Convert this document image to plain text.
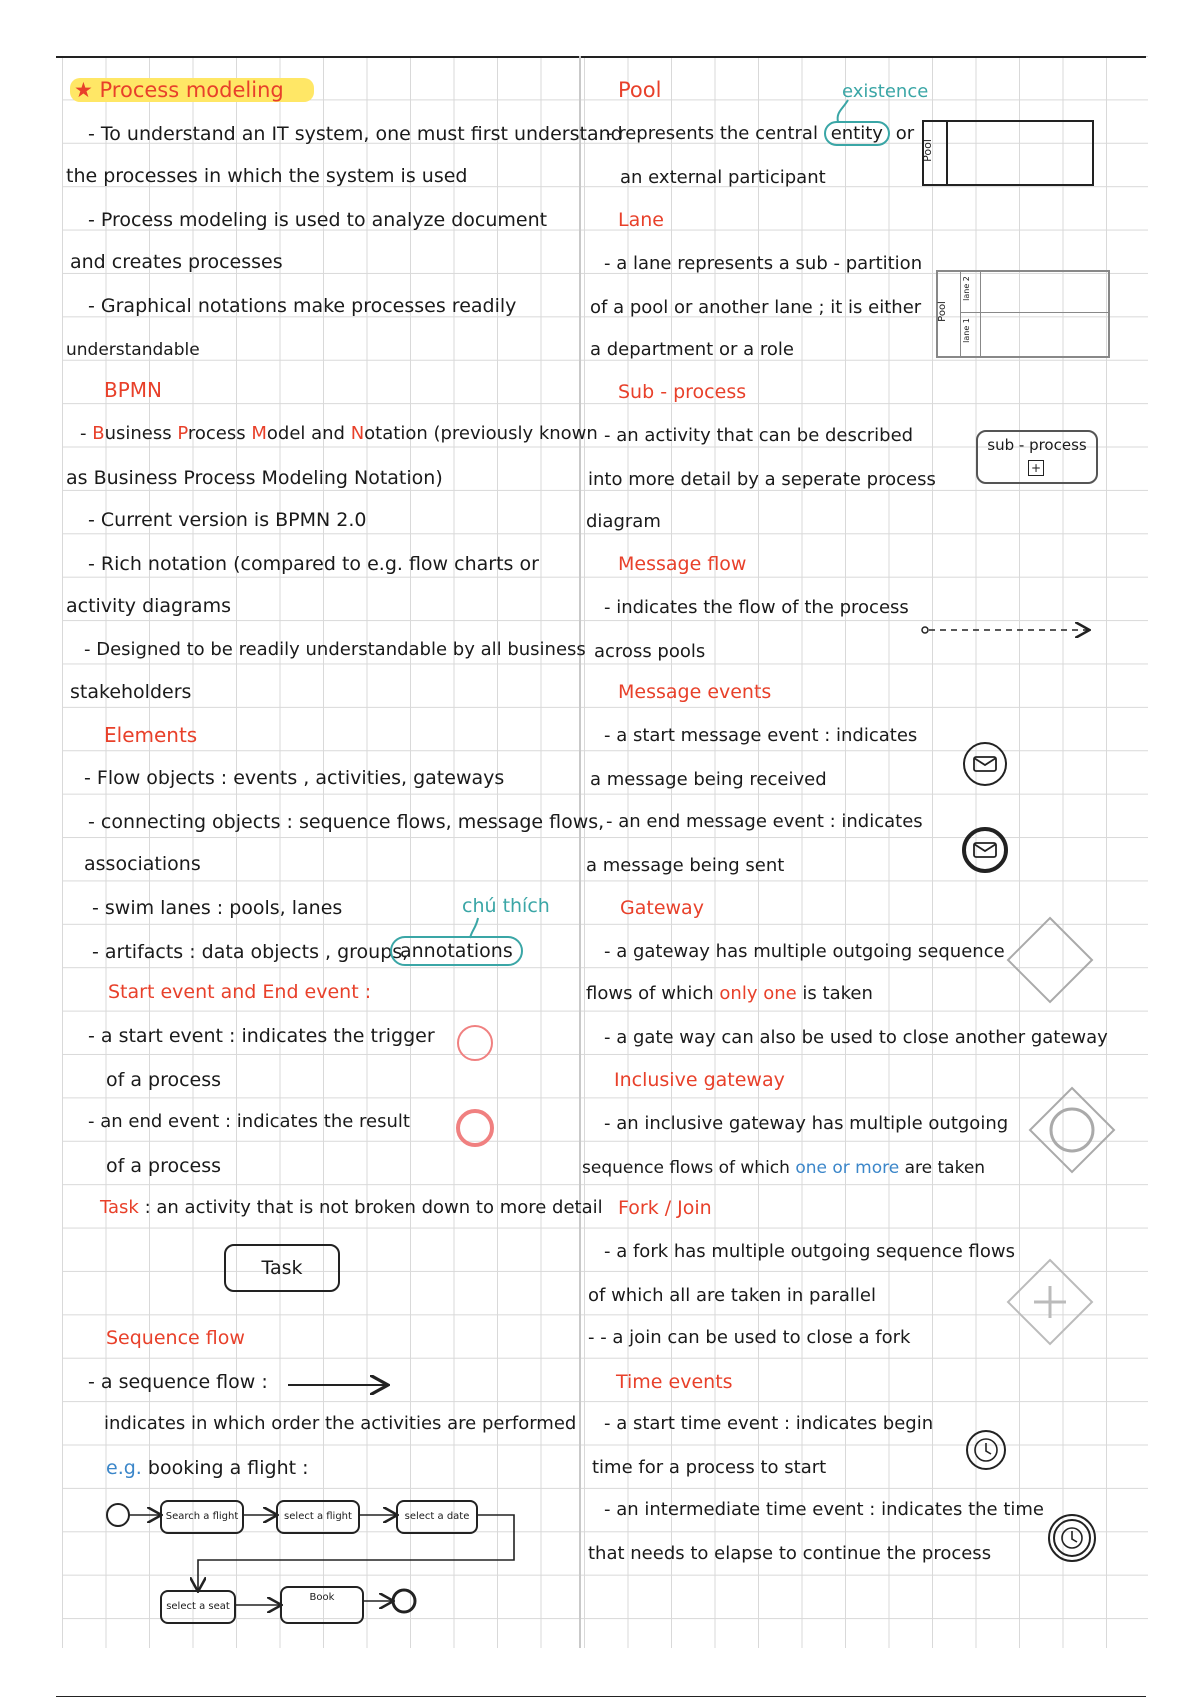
★ Process modeling
- To understand an IT system, one must first understand
the processes in which the system is used
- Process modeling is used to analyze document
and creates processes
- Graphical notations make processes readily
understandable
BPMN
- Business Process Model and Notation (previously known
as Business Process Modeling Notation)
- Current version is BPMN 2.0
- Rich notation (compared to e.g. flow charts or
activity diagrams
- Designed to be readily understandable by all business
stakeholders
Elements
- Flow objects : events , activities, gateways
- connecting objects : sequence flows, message flows,
associations
- swim lanes : pools, lanes	chú thích
- artifacts : data objects , groups,
annotations
Start event and End event :
- a start event : indicates the trigger
of a process
- an end event : indicates the result
of a process
Task : an activity that is not broken down to more detail
Task
Sequence flow
- a sequence flow :
indicates in which order the activities are performed
e.g. booking a flight :
Search a flight	select a flight	select a date
select a seat
Book
Pool	existence
- represents the central entity or
an external participant
Pool
Lane
- a lane represents a sub - partition
of a pool or another lane ; it is either
a department or a role
Pool
lane 2
lane 1
Sub - process
- an activity that can be described
into more detail by a seperate process
diagram
sub - process
+
Message flow
- indicates the flow of the process
across pools
Message events
- a start message event : indicates
a message being received
- an end message event : indicates
a message being sent
Gateway
- a gateway has multiple outgoing sequence
flows of which only one is taken
- a gate way can also be used to close another gateway
Inclusive gateway
- an inclusive gateway has multiple outgoing
sequence flows of which one or more are taken
Fork / Join
- a fork has multiple outgoing sequence flows
of which all are taken in parallel
- - a join can be used to close a fork
Time events
- a start time event : indicates begin
time for a process to start
- an intermediate time event : indicates the time
that needs to elapse to continue the process
